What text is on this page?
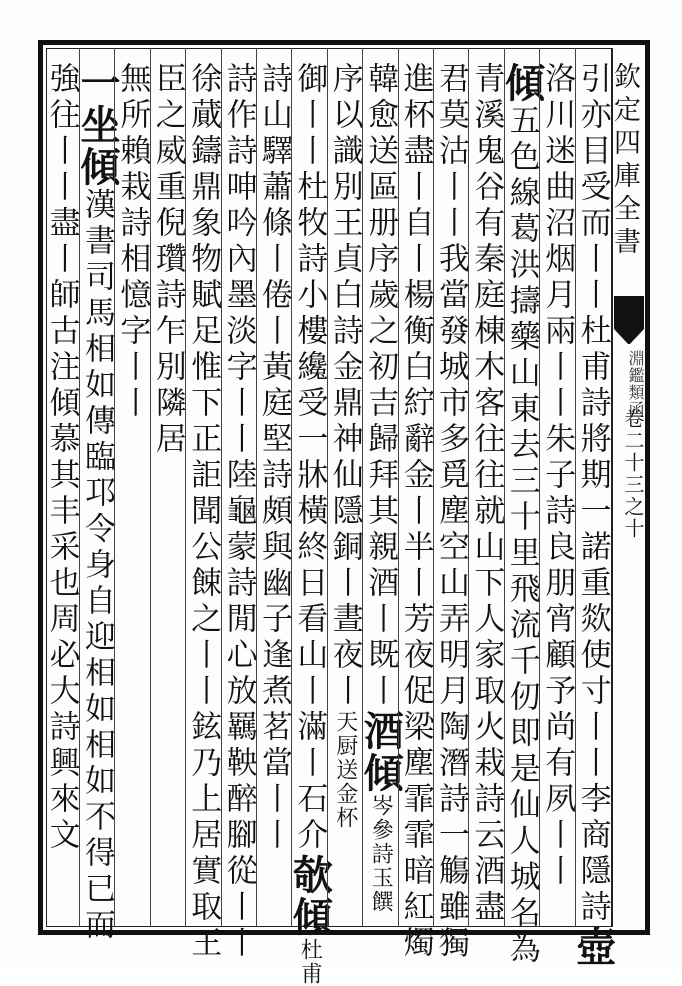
欽定四庫全書
淵鑑類函
卷二十三之十
引亦目受而丨丨杜甫詩將期一諾重欻使寸丨丨李商隱詩壺
洛川迷曲沼烟月兩丨丨朱子詩良朋宵顧予尚有夙丨丨
傾五色線葛洪擣藥山東去三十里飛流千仞即是仙人城名為
青溪鬼谷有秦庭棟木客往往就山下人家取火栽詩云酒盡
君莫沽丨丨我當發城市多覓塵空山弄明月陶潛詩一觴雖獨
進杯盡丨自丨楊衡白紵辭金丨半丨芳夜促梁塵霏霏暗紅燭
韓愈送區册序歲之初吉歸拜其親酒丨既丨酒傾岑參詩玉饌
序以識別王貞白詩金鼎神仙隱銅丨晝夜丨天厨送金杯
御丨丨杜牧詩小樓纔受一牀橫終日看山丨滿丨石介欹傾杜甫
詩山驛蕭條丨倦丨黃庭堅詩頗與幽子逢煮茗當丨丨
詩作詩呻吟內墨淡字丨丨陸龜蒙詩閒心放羈鞅醉腳從丨丨
徐蕆鑄鼎象物賦足惟下正詎聞公餗之丨丨鉉乃上居實取王
臣之威重倪瓚詩乍別隣居
無所賴栽詩相憶字丨丨
一坐傾漢書司馬相如傳臨邛令身自迎相如相如不得已而
強往丨丨盡丨師古注傾慕其丰采也周必大詩興來文
